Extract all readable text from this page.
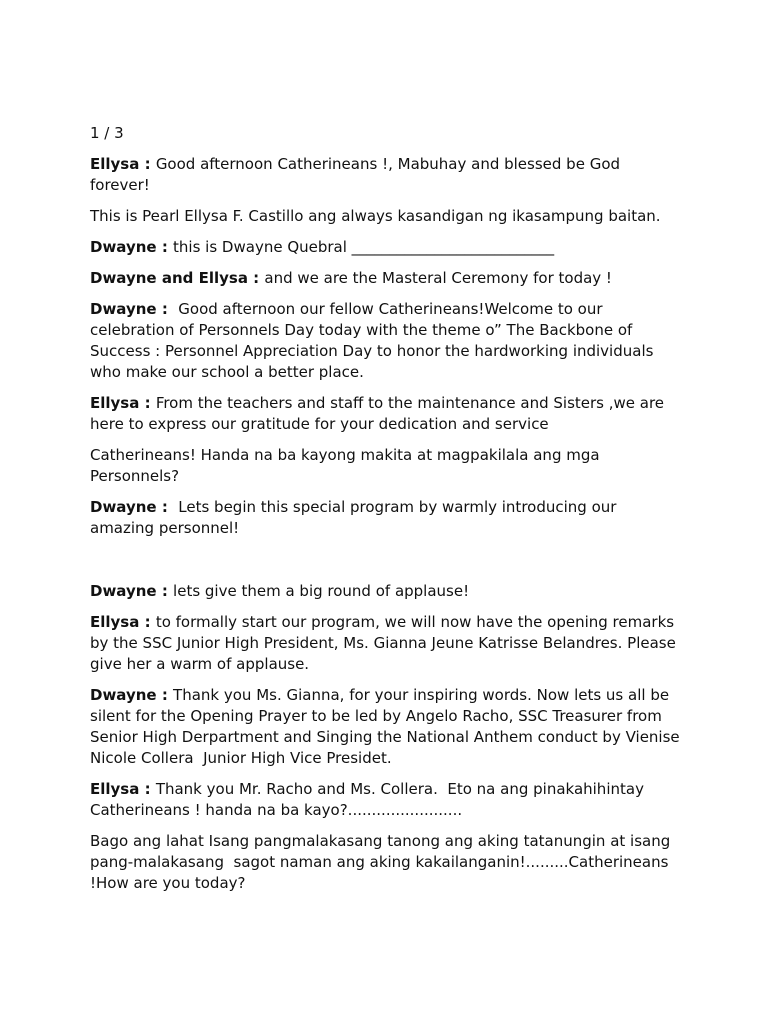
1 / 3

Ellysa : Good afternoon Catherineans !, Mabuhay and blessed be God forever!

This is Pearl Ellysa F. Castillo ang always kasandigan ng ikasampung baitan.

Dwayne : this is Dwayne Quebral ___________________________

Dwayne and Ellysa : and we are the Masteral Ceremony for today !

Dwayne :  Good afternoon our fellow Catherineans!Welcome to our celebration of Personnels Day today with the theme o” The Backbone of Success : Personnel Appreciation Day to honor the hardworking individuals who make our school a better place.

Ellysa : From the teachers and staff to the maintenance and Sisters ,we are here to express our gratitude for your dedication and service

Catherineans! Handa na ba kayong makita at magpakilala ang mga Personnels?

Dwayne :  Lets begin this special program by warmly introducing our amazing personnel!

Dwayne : lets give them a big round of applause!

Ellysa : to formally start our program, we will now have the opening remarks by the SSC Junior High President, Ms. Gianna Jeune Katrisse Belandres. Please give her a warm of applause.

Dwayne : Thank you Ms. Gianna, for your inspiring words. Now lets us all be silent for the Opening Prayer to be led by Angelo Racho, SSC Treasurer from Senior High Derpartment and Singing the National Anthem conduct by Vienise Nicole Collera  Junior High Vice Presidet.

Ellysa : Thank you Mr. Racho and Ms. Collera.  Eto na ang pinakahihintay Catherineans ! handa na ba kayo?........................

Bago ang lahat Isang pangmalakasang tanong ang aking tatanungin at isang pang-malakasang  sagot naman ang aking kakailanganin!.........Catherineans !How are you today?
